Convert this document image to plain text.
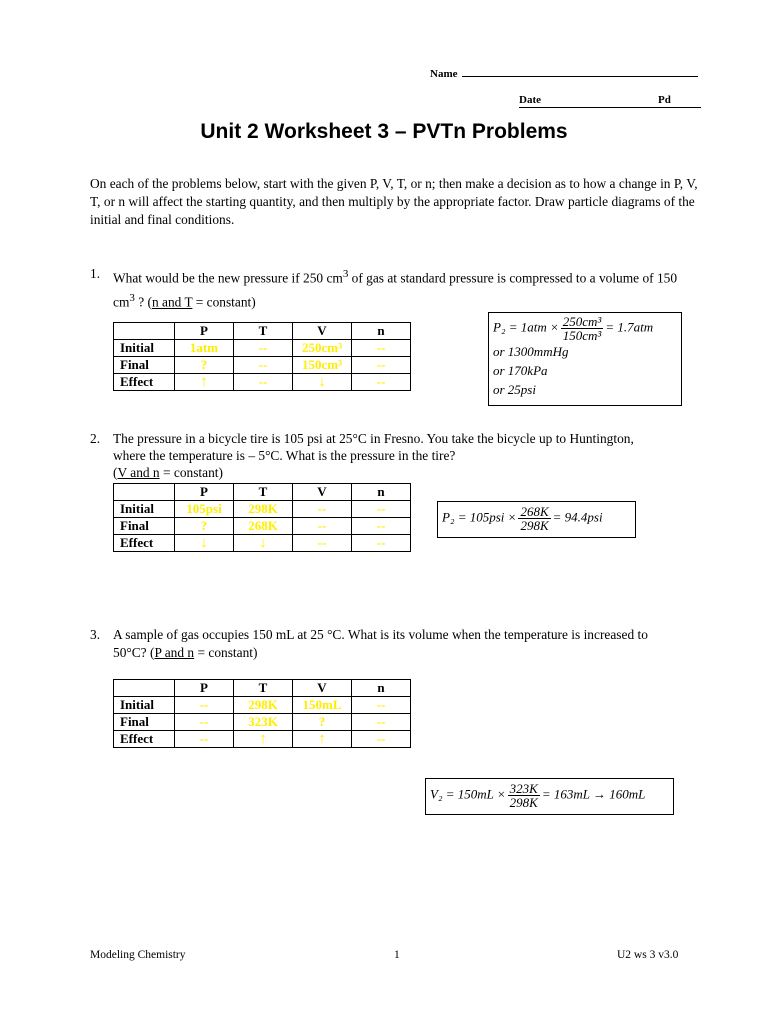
Name
Date	Pd
Unit 2 Worksheet 3 – PVTn Problems
On each of the problems below, start with the given P, V, T, or n; then make a decision as to how a change in P, V, T, or n will affect the starting quantity, and then multiply by the appropriate factor. Draw particle diagrams of the initial and final conditions.
1. What would be the new pressure if 250 $cm^3$ of gas at standard pressure is compressed to a volume of 150 $cm^3$ ? (n and T = constant)
	P	T	V	n
Initial	1atm	--	250cm³	--
Final	?	--	150cm³	--
Effect	↑	--	↓	--
$P_2 = 1atm \times \frac{\text{250cm³}}{\text{150cm³}} = 1.7atm$
or 1300mmHg
or 170kPa
or 25psi
2. The pressure in a bicycle tire is 105 psi at 25°C in Fresno. You take the bicycle up to Huntington, where the temperature is – 5°C. What is the pressure in the tire?
(V and n = constant)
	P	T	V	n
Initial	105psi	298K	--	--
Final	?	268K	--	--
Effect	↓	↓	--	--
$P_2 = 105psi \times \frac{268K}{298K} = 94.4psi$
3. A sample of gas occupies 150 mL at 25 °C. What is its volume when the temperature is increased to 50°C? (P and n = constant)
	P	T	V	n
Initial	--	298K	150mL	--
Final	--	323K	?	--
Effect	--	↑	↑	--
$V_2 = 150mL \times \frac{323K}{298K} = 163mL \to 160mL$
Modeling Chemistry	1	U2 ws 3 v3.0
